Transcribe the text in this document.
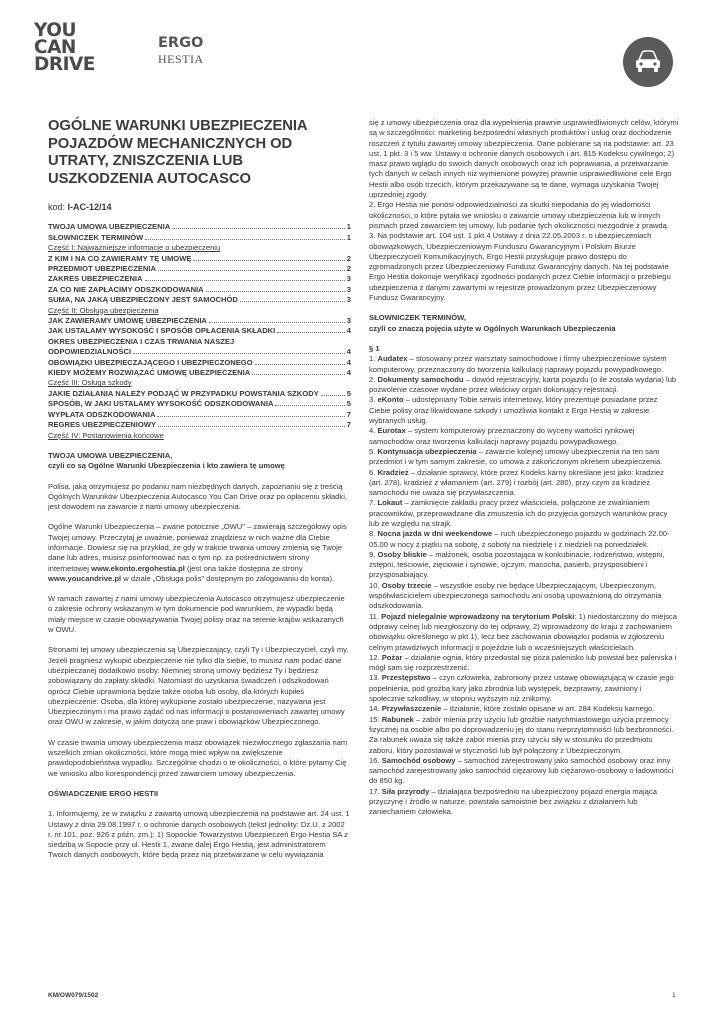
YOU
CAN
DRIVE
ERGO
HESTIA
OGÓLNE WARUNKI UBEZPIECZENIA POJAZDÓW MECHANICZNYCH OD UTRATY, ZNISZCZENIA LUB USZKODZENIA AUTOCASCO
kod: I-AC-12/14
TWOJA UMOWA UBEZPIECZENIA	1
SŁOWNICZEK TERMINÓW	1
Część I: Najważniejsze informacje o ubezpieczeniu
Z KIM I NA CO ZAWIERAMY TĘ UMOWĘ	2
PRZEDMIOT UBEZPIECZENIA	2
ZAKRES UBEZPIECZENIA	3
ZA CO NIE ZAPŁACIMY ODSZKODOWANIA	3
SUMA, NA JAKĄ UBEZPIECZONY JEST SAMOCHÓD	3
Część II: Obsługa ubezpieczenia
JAK ZAWIERAMY UMOWĘ UBEZPIECZENIA	3
JAK USTALAMY WYSOKOŚĆ I SPOSÓB OPŁACENIA SKŁADKI	4
OKRES UBEZPIECZENIA I CZAS TRWANIA NASZEJ
ODPOWIEDZIALNOŚCI	4
OBOWIĄZKI UBEZPIECZAJĄCEGO I UBEZPIECZONEGO	4
KIEDY MOŻEMY ROZWIĄZAĆ UMOWĘ UBEZPIECZENIA	4
Część III: Osługa szkody
JAKIE DZIAŁANIA NALEŻY PODJĄĆ W PRZYPADKU POWSTANIA SZKODY	5
SPOSÓB, W JAKI USTALAMY WYSOKOŚĆ ODSZKODOWANIA	5
WYPŁATA ODSZKODOWANIA	7
REGRES UBEZPIECZENIOWY	7
Część IV: Postanowienia końcowe

TWOJA UMOWA UBEZPIECZENIA,

czyli co są Ogólne Warunki Ubezpieczenia i kto zawiera tę umowę

Polisa, jaką otrzymujesz po podaniu nam niezbędnych danych, zapoznaniu się z treścią Ogólnych Warunków Ubezpieczenia Autocasco You Can Drive oraz po opłaceniu składki, jest dowodem na zawarcie z nami umowy ubezpieczenia.

Ogólne Warunki Ubezpieczenia – zwane potocznie „OWU" – zawierają szczegółowy opis Twojej umowy. Przeczytaj je uważnie, ponieważ znajdziesz w nich ważne dla Ciebie informacje. Dowiesz się na przykład, że gdy w trakcie trwania umowy zmienią się Twoje dane lub adres, musisz poinformować nas o tym np. za pośrednictwem strony internetowej www.ekonto.ergohestia.pl (jest ona także dostępna ze strony www.youcandrive.pl w dziale „Obsługa polis" dostępnym po zalogowaniu do konta).

W ramach zawartej z nami umowy ubezpieczenia Autocasco otrzymujesz ubezpieczenie o zakresie ochrony wskazanym w tym dokumencie pod warunkiem, że wypadki będą miały miejsce w czasie obowiązywania Twojej polisy oraz na terenie krajów wskazanych w OWU.

Stronami tej umowy ubezpieczenia są Ubezpieczający, czyli Ty i Ubezpieczyciel, czyli my. Jeżeli pragniesz wykupić ubezpieczenie nie tylko dla siebie, to musisz nam podać dane ubezpieczanej dodatkowo osoby. Niemniej stroną umowy będziesz Ty i będziesz zobowiązany do zapłaty składki. Natomiast do uzyskania świadczeń i odszkodowań oprócz Ciebie uprawniona będzie także osoba lub osoby, dla których kupiłeś ubezpieczenie. Osoba, dla której wykupione zostało ubezpieczenie, nazywana jest Ubezpieczonym i ma prawo żądać od nas informacji o postanowieniach zawartej umowy oraz OWU w zakresie, w jakim dotyczą one praw i obowiązków Ubezpieczonego.

W czasie trwania umowy ubezpieczenia masz obowiązek niezwłocznego zgłaszania nam wszelkich zmian okoliczności, które mogą mieć wpływ na zwiększenie prawdopodobieństwa wypadku. Szczególnie chodzi o te okoliczności, o które pytamy Cię we wniosku albo korespondencji przed zawarciem umowy ubezpieczenia.

OŚWIADCZENIE ERGO HESTII

1. Informujemy, że w związku z zawartą umową ubezpieczenia na podstawie art. 24 ust. 1 Ustawy z dnia 29.08.1997 r. o ochronie danych osobowych (tekst jednolity: Dz.U. z 2002 r. nr 101, poz. 926 z późn. zm.): 1) Sopockie Towarzystwo Ubezpieczeń Ergo Hestia SA z siedzibą w Sopocie przy ul. Hestii 1, zwane dalej Ergo Hestią, jest administratorem Twoich danych osobowych, które będą przez nią przetwarzane w celu wywiązania

się z umowy ubezpieczenia oraz dla wypełnienia prawnie usprawiedliwionych celów, którymi są w szczególności: marketing bezpośredni własnych produktów i usług oraz dochodzenie roszczeń z tytułu zawartej umowy ubezpieczenia. Dane pobierane są na podstawie: art. 23 ust. 1 pkt. 3 i 5 ww. Ustawy o ochronie danych osobowych i art. 815 Kodeksu cywilnego; 2) masz prawo wglądu do swoich danych osobowych oraz ich poprawiania, a przetwarzanie tych danych w celach innych niż wymienione powyżej prawnie usprawiedliwione cele Ergo Hestii albo osób trzecich, którym przekazywane są te dane, wymaga uzyskania Twojej uprzedniej zgody.

2. Ergo Hestia nie ponosi odpowiedzialności za skutki niepodania do jej wiadomości okoliczności, o które pytała we wniosku o zawarcie umowy ubezpieczenia lub w innych pismach przed zawarciem tej umowy, lub podanie tych okoliczności niezgodnie z prawdą.

3. Na podstawie art. 104 ust. 1 pkt 4 Ustawy z dnia 22.05.2003 r. o ubezpieczeniach obowiązkowych, Ubezpieczeniowym Funduszu Gwarancyjnym i Polskim Biurze Ubezpieczycieli Komunikacyjnych, Ergo Hestii przysługuje prawo dostępu do zgromadzonych przez Ubezpieczeniowy Fundusz Gwarancyjny danych. Na tej podstawie Ergo Hestia dokonuje weryfikacji zgodności podanych przez Ciebie informacji o przebiegu ubezpieczenia z danymi zawartymi w rejestrze prowadzonym przez Ubezpieczeniowy Fundusz Gwarancyjny.

SŁOWNICZEK TERMINÓW,

czyli co znaczą pojęcia użyte w Ogólnych Warunkach Ubezpieczenia

§ 1

1. Audatex – stosowany przez warsztaty samochodowe i firmy ubezpieczeniowe system komputerowy, przeznaczony do tworzenia kalkulacji naprawy pojazdu powypadkowego.

2. Dokumenty samochodu – dowód rejestracyjny, karta pojazdu (o ile została wydana) lub pozwolenie czasowe wydane przez właściwy organ dokonujący rejestracji.

3. eKonto – udostępniany Tobie serwis internetowy, który prezentuje posiadane przez Ciebie polisy oraz likwidowane szkody i umożliwia kontakt z Ergo Hestią w zakresie wybranych usług.

4. Eurotax – system komputerowy przeznaczony do wyceny wartości rynkowej samochodów oraz tworzenia kalkulacji naprawy pojazdu powypadkowego.

5. Kontynuacja ubezpieczenia – zawarcie kolejnej umowy ubezpieczenia na ten sam przedmiot i w tym samym zakresie, co umowa z zakończonym okresem ubezpieczenia.

6. Kradzież – działanie sprawcy, które przez Kodeks karny określane jest jako: kradzież (art. 278), kradzież z włamaniem (art. 279) i rozbój (art. 280), przy czym za kradzież samochodu nie uważa się przywłaszczenia.

7. Lokaut – zamknięcie zakładu pracy przez właściciela, połączone ze zwalnianiem pracowników, przeprowadzane dla zmuszenia ich do przyjęcia gorszych warunków pracy lub ze względu na strajk.

8. Nocna jazda w dni weekendowe – ruch ubezpieczonego pojazdu w godzinach 22.00-05.00 w nocy z piątku na sobotę, z soboty na niedzielę i z niedzieli na poniedziałek.

9. Osoby bliskie – małżonek, osoba pozostająca w konkubinacie, rodzeństwo, wstępni, zstępni, teściowie, zięciowie i synowie, ojczym, macocha, pasierb, przysposobieni i przysposabiający.

10. Osoby trzecie – wszystkie osoby nie będące Ubezpieczającym, Ubezpieczonym, współwłaścicielem ubezpieczonego samochodu ani osobą upoważnioną do otrzymania odszkodowania.

11. Pojazd nielegalnie wprowadzony na terytorium Polski: 1) niedostarczony do miejsca odprawy celnej lub niezgłoszony do tej odprawy, 2) wprowadzony do kraju z zachowaniem obowiązku określonego w pkt 1), lecz bez zachowania obowiązku podania w zgłoszeniu celnym prawdziwych informacji o pojeździe lub o wcześniejszych właścicielach.

12. Pożar – działanie ognia, który przedostał się poza palenisko lub powstał bez paleniska i mógł sam się rozprzestrzenić.

13. Przestępstwo – czyn człowieka, zabroniony przez ustawę obowiązującą w czasie jego popełnienia, pod groźbą kary jako zbrodnia lub występek, bezprawny, zawiniony i społecznie szkodliwy, w stopniu wyższym niż znikomy.

14. Przywłaszczenie – działanie, które zostało opisane w art. 284 Kodeksu karnego.

15. Rabunek – zabór mienia przy użyciu lub groźbie natychmiastowego użycia przemocy fizycznej na osobie albo po doprowadzeniu jej do stanu nieprzytomności lub bezbronności. Za rabunek uważa się także zabór mienia przy użyciu siły w stosunku do przedmiotu zaboru, który pozostawał w styczności lub był połączony z Ubezpieczonym.

16. Samochód osobowy – samochód zarejestrowany jako samochód osobowy oraz inny samochód zarejestrowany jako samochód ciężarowy lub ciężarowo-osobowy o ładowności do 850 kg.

17. Siła przyrody – działająca bezpośrednio na ubezpieczony pojazd energia mająca przyczynę i źródło w naturze, powstała samoistnie bez związku z działaniem lub zaniechaniem człowieka.

KM/OW079/1502	1
